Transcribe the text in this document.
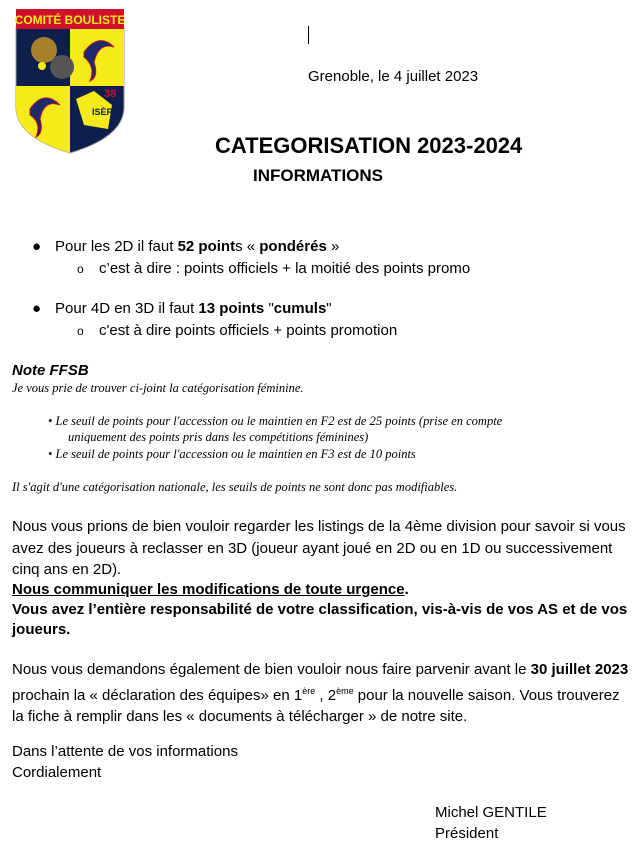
COMITÉ BOULISTE
ISÈRE
38
Grenoble, le 4 juillet 2023
CATEGORISATION 2023-2024
INFORMATIONS
● Pour les 2D il faut 52 points « pondérés »
o c’est à dire : points officiels + la moitié des points promo
● Pour 4D en 3D il faut 13 points "cumuls"
o c'est à dire points officiels + points promotion
Note FFSB
Je vous prie de trouver ci-joint la catégorisation féminine.
• Le seuil de points pour l'accession ou le maintien en F2 est de 25 points (prise en compte
uniquement des points pris dans les compétitions féminines)
• Le seuil de points pour l'accession ou le maintien en F3 est de 10 points
Il s'agit d'une catégorisation nationale, les seuils de points ne sont donc pas modifiables.
Nous vous prions de bien vouloir regarder les listings de la 4ème division pour savoir si vous avez des joueurs à reclasser en 3D (joueur ayant joué en 2D ou en 1D ou successivement cinq ans en 2D).
Nous communiquer les modifications de toute urgence.
Vous avez l’entière responsabilité de votre classification, vis-à-vis de vos AS et de vos joueurs.
Nous vous demandons également de bien vouloir nous faire parvenir avant le 30 juillet 2023 prochain la « déclaration des équipes» en 1ère , 2ème pour la nouvelle saison. Vous trouverez la fiche à remplir dans les « documents à télécharger » de notre site.
Dans l’attente de vos informations
Cordialement
Michel GENTILE
Président
